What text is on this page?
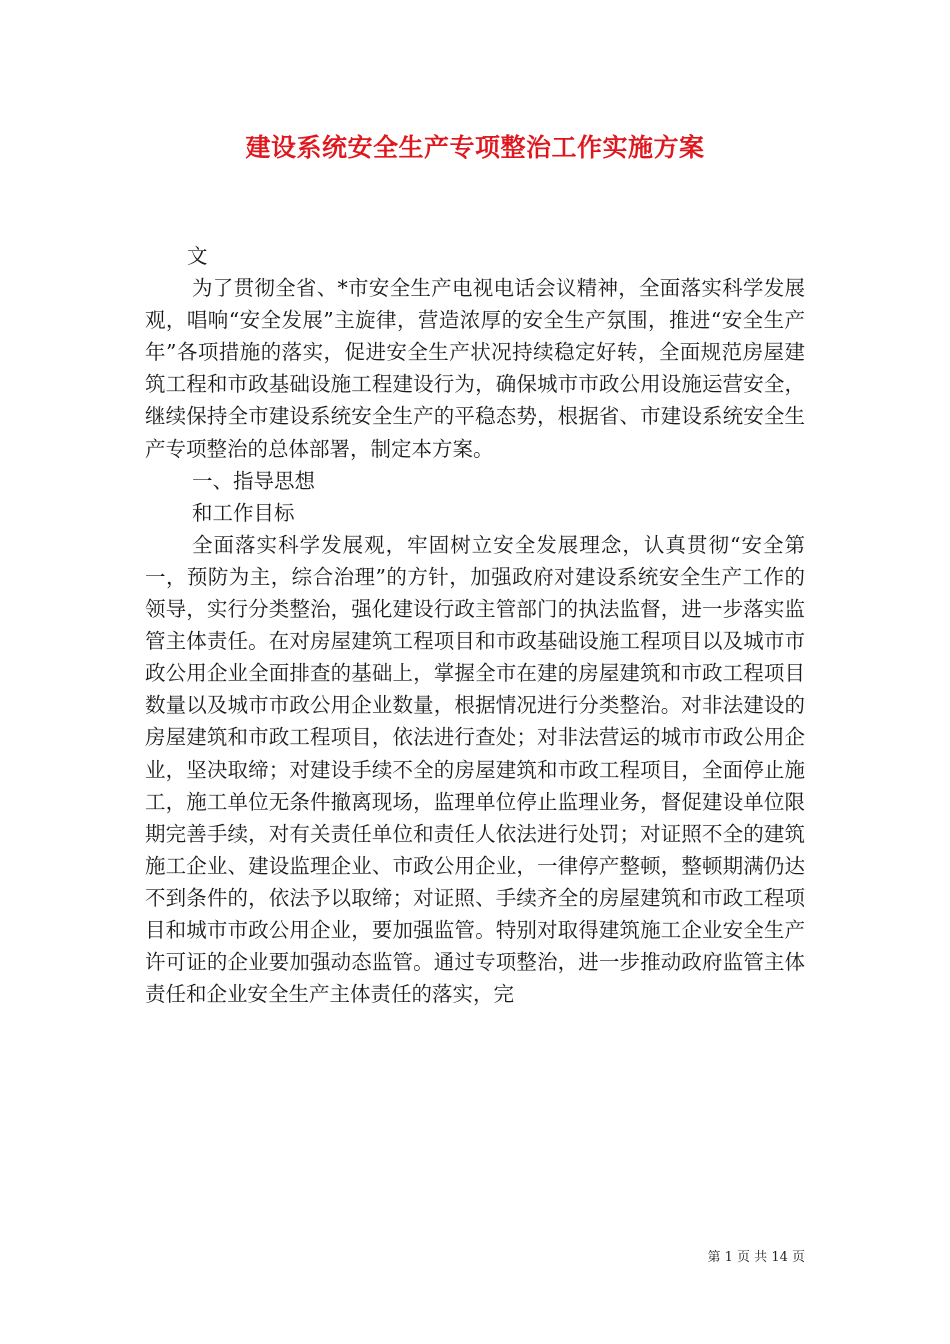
建设系统安全生产专项整治工作实施方案

文

为了贯彻全省、*市安全生产电视电话会议精神，全面落实科学发展观，唱响“安全发展”主旋律，营造浓厚的安全生产氛围，推进“安全生产年”各项措施的落实，促进安全生产状况持续稳定好转，全面规范房屋建筑工程和市政基础设施工程建设行为，确保城市市政公用设施运营安全，继续保持全市建设系统安全生产的平稳态势，根据省、市建设系统安全生产专项整治的总体部署，制定本方案。

一、指导思想

和工作目标

全面落实科学发展观，牢固树立安全发展理念，认真贯彻“安全第一，预防为主，综合治理”的方针，加强政府对建设系统安全生产工作的领导，实行分类整治，强化建设行政主管部门的执法监督，进一步落实监管主体责任。在对房屋建筑工程项目和市政基础设施工程项目以及城市市政公用企业全面排查的基础上，掌握全市在建的房屋建筑和市政工程项目数量以及城市市政公用企业数量，根据情况进行分类整治。对非法建设的房屋建筑和市政工程项目，依法进行查处；对非法营运的城市市政公用企业，坚决取缔；对建设手续不全的房屋建筑和市政工程项目，全面停止施工，施工单位无条件撤离现场，监理单位停止监理业务，督促建设单位限期完善手续，对有关责任单位和责任人依法进行处罚；对证照不全的建筑施工企业、建设监理企业、市政公用企业，一律停产整顿，整顿期满仍达不到条件的，依法予以取缔；对证照、手续齐全的房屋建筑和市政工程项目和城市市政公用企业，要加强监管。特别对取得建筑施工企业安全生产许可证的企业要加强动态监管。通过专项整治，进一步推动政府监管主体责任和企业安全生产主体责任的落实，完

第 1 页 共 14 页
